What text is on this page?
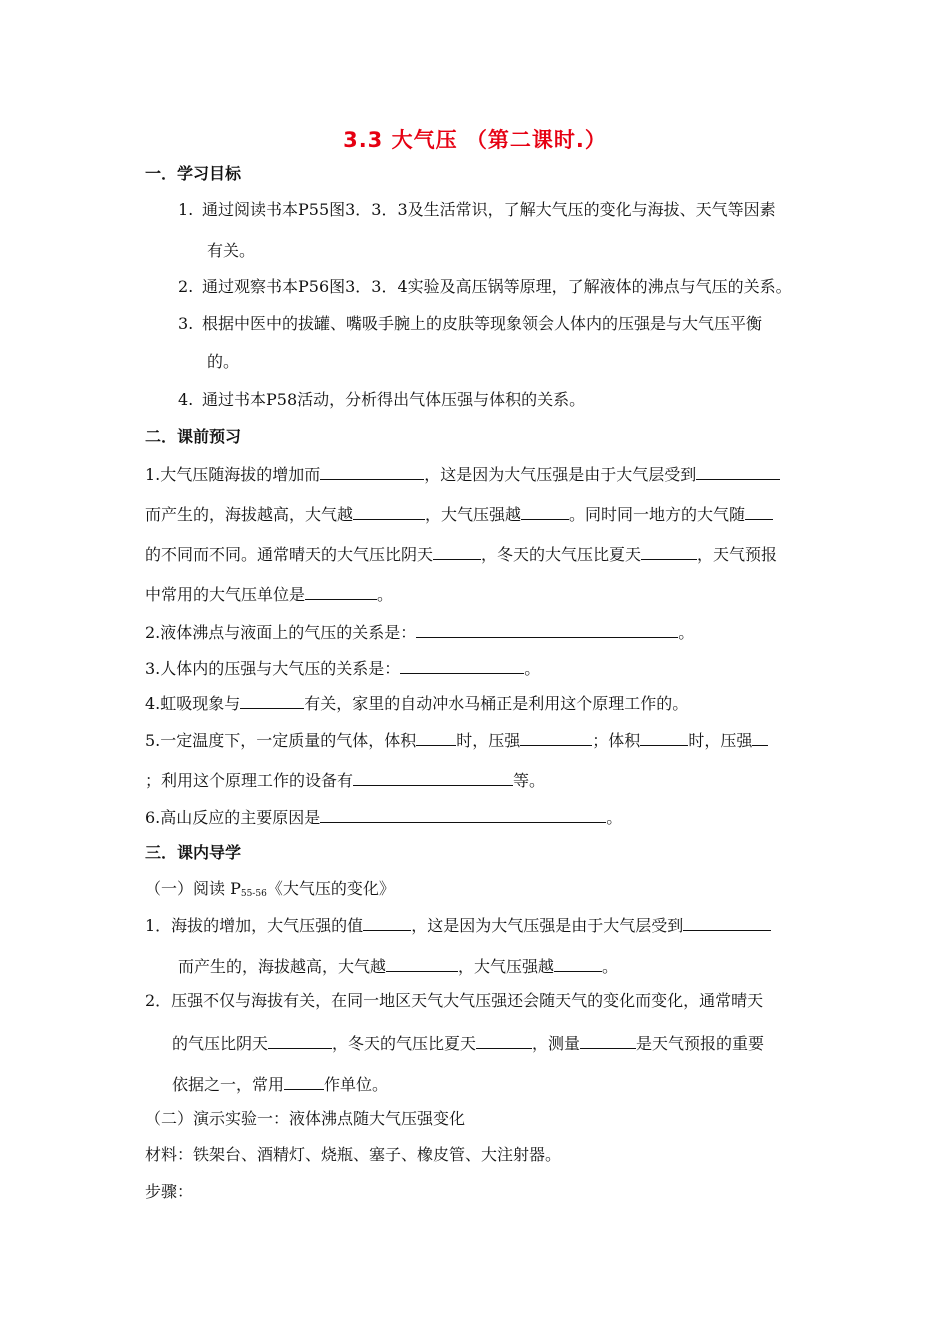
3.3 大气压 （第二课时.）
一．学习目标
1. 通过阅读书本P55图3．3．3及生活常识，了解大气压的变化与海拔、天气等因素
有关。
2. 通过观察书本P56图3．3．4实验及高压锅等原理，了解液体的沸点与气压的关系。
3. 根据中医中的拔罐、嘴吸手腕上的皮肤等现象领会人体内的压强是与大气压平衡
的。
4. 通过书本P58活动，分析得出气体压强与体积的关系。
二．课前预习
1.大气压随海拔的增加而	，这是因为大气压强是由于大气层受到
而产生的，海拔越高，大气越	，大气压强越	。同时同一地方的大气随
的不同而不同。通常晴天的大气压比阴天	，冬天的大气压比夏天	，天气预报
中常用的大气压单位是	。
2.液体沸点与液面上的气压的关系是：	。
3.人体内的压强与大气压的关系是：	。
4.虹吸现象与	有关，家里的自动冲水马桶正是利用这个原理工作的。
5.一定温度下，一定质量的气体，体积	时，压强	；体积	时，压强
；利用这个原理工作的设备有	等。
6.高山反应的主要原因是	。
三．课内导学
（一）阅读 $P_{55-56}$《大气压的变化》
1．海拔的增加，大气压强的值	，这是因为大气压强是由于大气层受到
而产生的，海拔越高，大气越	，大气压强越	。
2．压强不仅与海拔有关，在同一地区天气大气压强还会随天气的变化而变化，通常晴天
的气压比阴天	，冬天的气压比夏天	，测量	是天气预报的重要
依据之一，常用	作单位。
（二）演示实验一：液体沸点随大气压强变化
材料：铁架台、酒精灯、烧瓶、塞子、橡皮管、大注射器。
步骤：
